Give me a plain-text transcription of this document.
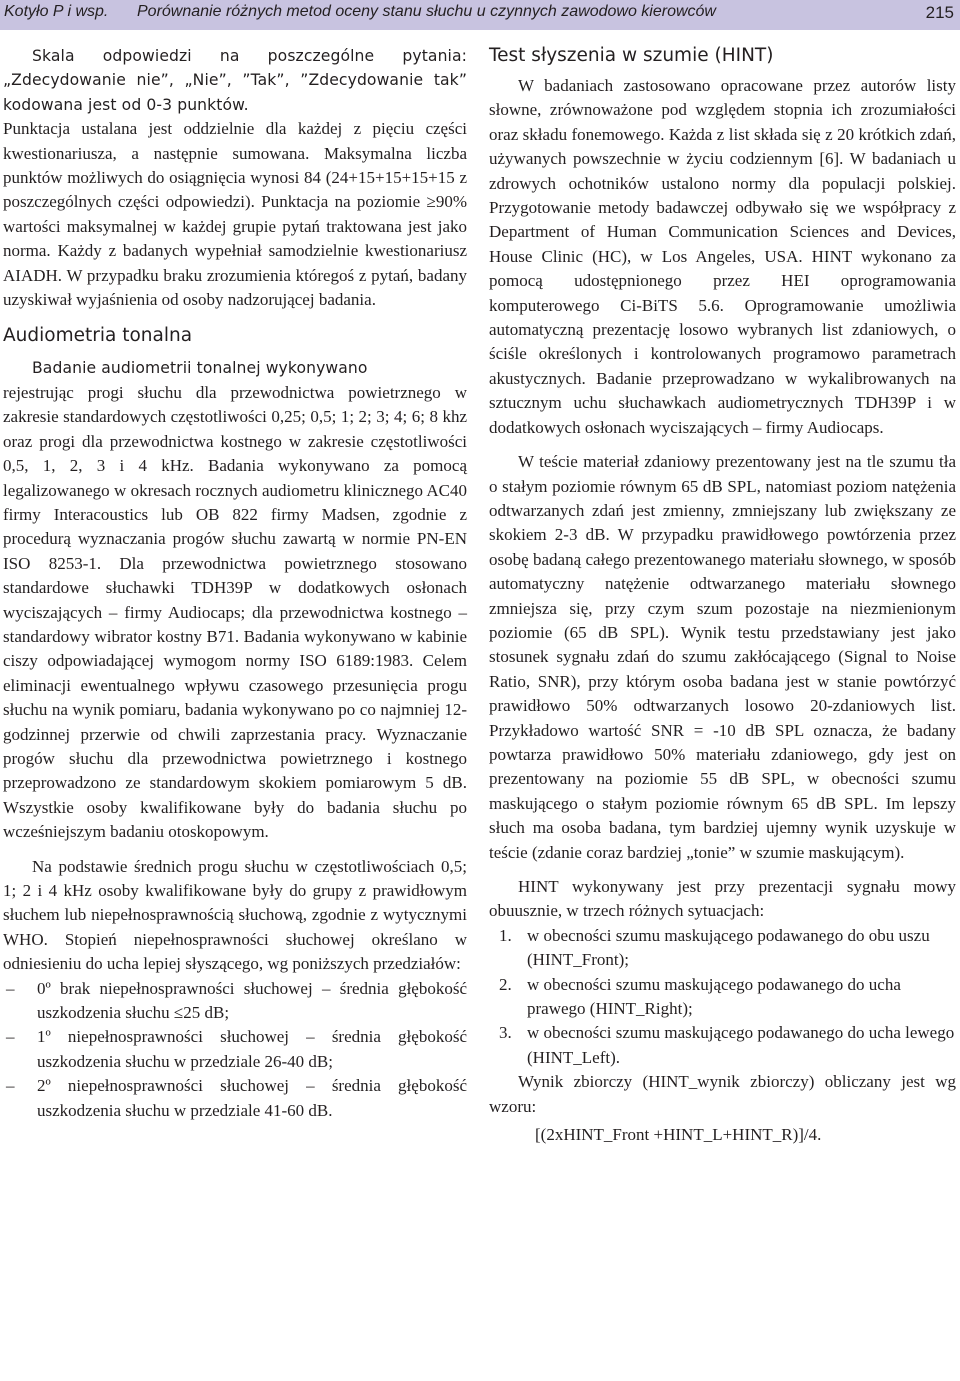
Kotyło P i wsp. Porównanie różnych metod oceny stanu słuchu u czynnych zawodowo kierowców	215

Skala odpowiedzi na poszczególne pytania: „Zdecydowanie nie”, „Nie”, ”Tak”, ”Zdecydowanie tak” kodowana jest od 0-3 punktów.

Punktacja ustalana jest oddzielnie dla każdej z pięciu części kwestionariusza, a następnie sumowana. Maksymalna liczba punktów możliwych do osiągnięcia wynosi 84 (24+15+15+15+15 z poszczególnych części odpowiedzi). Punktacja na poziomie ≥90% wartości maksymalnej w każdej grupie pytań traktowana jest jako norma. Każdy z badanych wypełniał samodzielnie kwestionariusz AIADH. W przypadku braku zrozumienia któregoś z pytań, badany uzyskiwał wyjaśnienia od osoby nadzorującej badania.

Audiometria tonalna

Badanie audiometrii tonalnej wykonywano

rejestrując progi słuchu dla przewodnictwa powietrznego w zakresie standardowych częstotliwości 0,25; 0,5; 1; 2; 3; 4; 6; 8 khz oraz progi dla przewodnictwa kostnego w zakresie częstotliwości 0,5, 1, 2, 3 i 4 kHz. Badania wykonywano za pomocą legalizowanego w okresach rocznych audiometru klinicznego AC40 firmy Interacoustics lub OB 822 firmy Madsen, zgodnie z procedurą wyznaczania progów słuchu zawartą w normie PN-EN ISO 8253-1. Dla przewodnictwa powietrznego stosowano standardowe słuchawki TDH39P w dodatkowych osłonach wyciszających – firmy Audiocaps; dla przewodnictwa kostnego – standardowy wibrator kostny B71. Badania wykonywano w kabinie ciszy odpowiadającej wymogom normy ISO 6189:1983. Celem eliminacji ewentualnego wpływu czasowego przesunięcia progu słuchu na wynik pomiaru, badania wykonywano po co najmniej 12-godzinnej przerwie od chwili zaprzestania pracy. Wyznaczanie progów słuchu dla przewodnictwa powietrznego i kostnego przeprowadzono ze standardowym skokiem pomiarowym 5 dB. Wszystkie osoby kwalifikowane były do badania słuchu po wcześniejszym badaniu otoskopowym.

Na podstawie średnich progu słuchu w częstotliwościach 0,5; 1; 2 i 4 kHz osoby kwalifikowane były do grupy z prawidłowym słuchem lub niepełnosprawnością słuchową, zgodnie z wytycznymi WHO. Stopień niepełnosprawności słuchowej określano w odniesieniu do ucha lepiej słyszącego, wg poniższych przedziałów:

– 0º brak niepełnosprawności słuchowej – średnia głębokość uszkodzenia słuchu ≤25 dB;
– 1º niepełnosprawności słuchowej – średnia głębokość uszkodzenia słuchu w przedziale 26-40 dB;
– 2º niepełnosprawności słuchowej – średnia głębokość uszkodzenia słuchu w przedziale 41-60 dB.
Test słyszenia w szumie (HINT)

W badaniach zastosowano opracowane przez autorów listy słowne, zrównoważone pod względem stopnia ich zrozumiałości oraz składu fonemowego. Każda z list składa się z 20 krótkich zdań, używanych powszechnie w życiu codziennym [6]. W badaniach u zdrowych ochotników ustalono normy dla populacji polskiej. Przygotowanie metody badawczej odbywało się we współpracy z Department of Human Communication Sciences and Devices, House Clinic (HC), w Los Angeles, USA. HINT wykonano za pomocą udostępnionego przez HEI oprogramowania komputerowego Ci-BiTS 5.6. Oprogramowanie umożliwia automatyczną prezentację losowo wybranych list zdaniowych, o ściśle określonych i kontrolowanych programowo parametrach akustycznych. Badanie przeprowadzano w wykalibrowanych na sztucznym uchu słuchawkach audiometrycznych TDH39P i w dodatkowych osłonach wyciszających – firmy Audiocaps.

W teście materiał zdaniowy prezentowany jest na tle szumu tła o stałym poziomie równym 65 dB SPL, natomiast poziom natężenia odtwarzanych zdań jest zmienny, zmniejszany lub zwiększany ze skokiem 2-3 dB. W przypadku prawidłowego powtórzenia przez osobę badaną całego prezentowanego materiału słownego, w sposób automatyczny natężenie odtwarzanego materiału słownego zmniejsza się, przy czym szum pozostaje na niezmienionym poziomie (65 dB SPL). Wynik testu przedstawiany jest jako stosunek sygnału zdań do szumu zakłócającego (Signal to Noise Ratio, SNR), przy którym osoba badana jest w stanie powtórzyć prawidłowo 50% odtwarzanych losowo 20-zdaniowych list. Przykładowo wartość SNR = -10 dB SPL oznacza, że badany powtarza prawidłowo 50% materiału zdaniowego, gdy jest on prezentowany na poziomie 55 dB SPL, w obecności szumu maskującego o stałym poziomie równym 65 dB SPL. Im lepszy słuch ma osoba badana, tym bardziej ujemny wynik uzyskuje w teście (zdanie coraz bardziej „tonie” w szumie maskującym).

HINT wykonywany jest przy prezentacji sygnału mowy obuusznie, w trzech różnych sytuacjach:

1. w obecności szumu maskującego podawanego do obu uszu (HINT_Front);
2. w obecności szumu maskującego podawanego do ucha prawego (HINT_Right);
3. w obecności szumu maskującego podawanego do ucha lewego (HINT_Left).

Wynik zbiorczy (HINT_wynik zbiorczy) obliczany jest wg wzoru:

[(2xHINT_Front +HINT_L+HINT_R)]/4.
